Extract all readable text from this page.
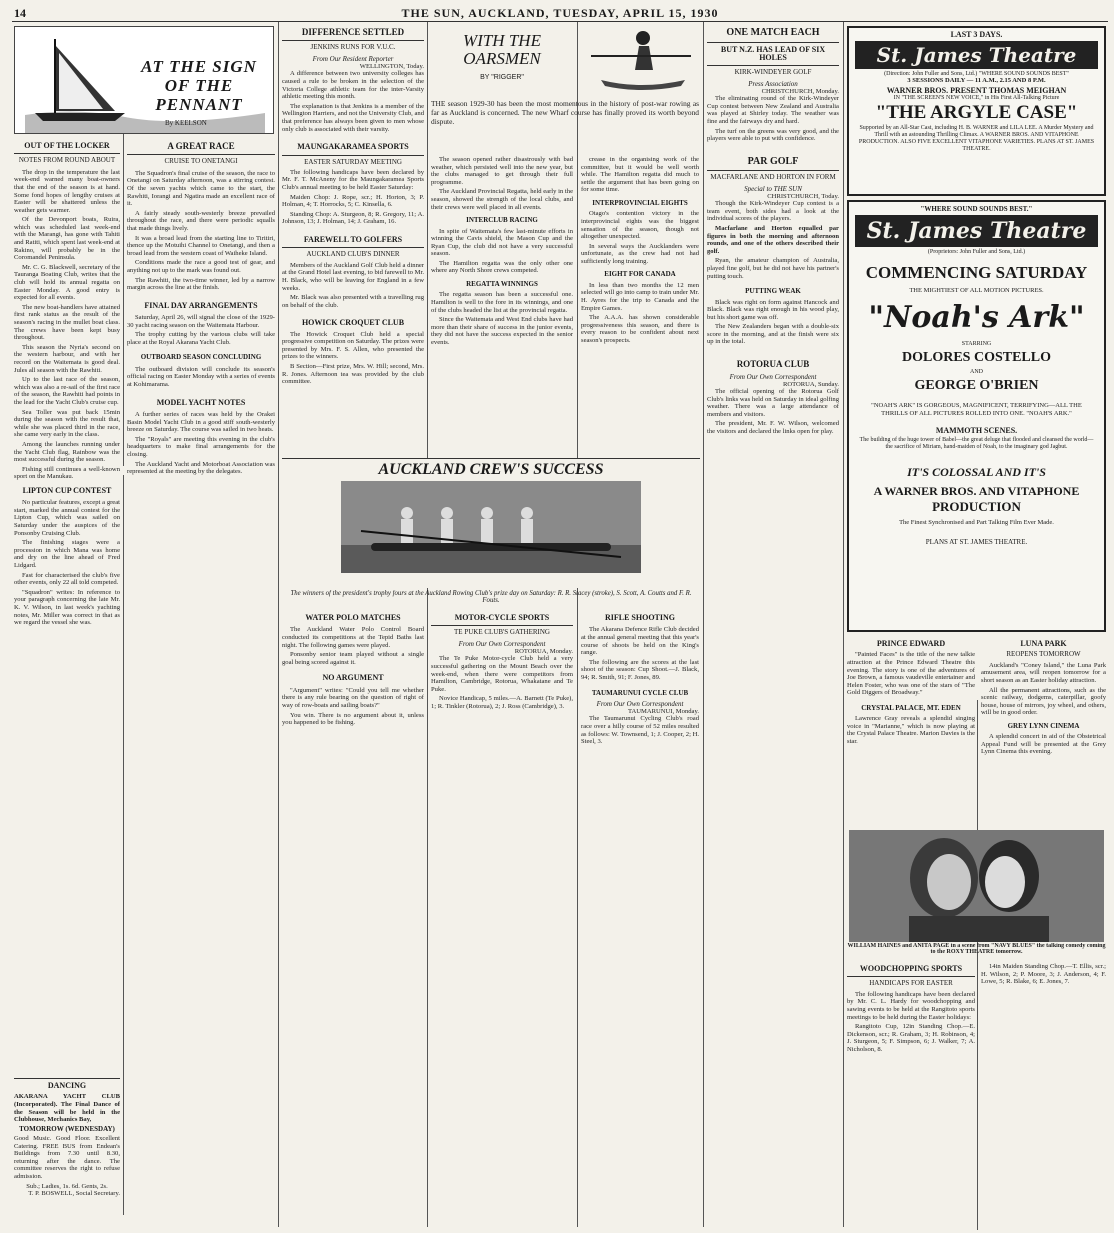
14	THE SUN, AUCKLAND, TUESDAY, APRIL 15, 1930
AT THE SIGN OF THE PENNANT
By KEELSON
OUT OF THE LOCKER
NOTES FROM ROUND ABOUT

The drop in the temperature the last week-end warned many boat-owners that the end of the season is at hand. Some fond hopes of lengthy cruises at Easter will be shattered unless the weather gets warmer.

Of the Devonport boats, Ruira, which was scheduled last week-end with the Marangi, has gone with Tahiti and Ratiti, which spent last week-end at Rakino, will probably be in the Coromandel Peninsula.

Mr. C. G. Blackwell, secretary of the Tauranga Boating Club, writes that the club will hold its annual regatta on Easter Monday. A good entry is expected for all events.

The new boat-handlers have attained first rank status as the result of the season's racing in the mullet boat class. The crews have been kept busy throughout.

This season the Nyria's second on the western harbour, and with her record on the Waitemata is good deal. Jules all season with the Rawhiti.

Up to the last race of the season, which was also a re-sail of the first race of the season, the Rawhiti had points in the lead for the Yacht Club's cruise cup.

Sea Toller was put back 15min during the season with the result that, while she was placed third in the race, she came very early in the class.

Among the launches running under the Yacht Club flag, Rainbow was the most successful during the season.

Fishing still continues a well-known sport on the Manukau.

LIPTON CUP CONTEST

No particular features, except a great start, marked the annual contest for the Lipton Cup, which was sailed on Saturday under the auspices of the Ponsonby Cruising Club.

The finishing stages were a procession in which Mana was home and dry on the line ahead of Fred Lidgard.

Fast for characterised the club's five other events, only 22 all told competed.

"Squadron" writes: In reference to your paragraph concerning the late Mr. K. V. Wilson, in last week's yachting notes, Mr. Miller was correct in that as we regard the vessel she was.

DANCING
AKARANA YACHT CLUB (Incorporated). The Final Dance of the Season will be held in the Clubhouse, Mechanics Bay,
TOMORROW (WEDNESDAY)
Good Music. Good Floor. Excellent Catering. FREE BUS from Endean's Buildings from 7.30 until 8.30, returning after the dance. The committee reserves the right to refuse admission.
Sub.; Ladies, 1s. 6d. Gents, 2s.
T. P. BOSWELL, Social Secretary.
A GREAT RACE
CRUISE TO ONETANGI

The Squadron's final cruise of the season, the race to Onetangi on Saturday afternoon, was a stirring contest. Of the seven yachts which came to the start, the Rawhiti, Iorangi and Ngatira made an excellent race of it.

A fairly steady south-westerly breeze prevailed throughout the race, and there were periodic squalls that made things lively.

It was a broad lead from the starting line to Tiritiri, thence up the Motuihi Channel to Onetangi, and then a broad lead from the western coast of Waiheke Island.

Conditions made the race a good test of gear, and anything not up to the mark was found out.

The Rawhiti, the two-time winner, led by a narrow margin across the line at the finish.

FINAL DAY ARRANGEMENTS

Saturday, April 26, will signal the close of the 1929-30 yacht racing season on the Waitemata Harbour.

The trophy cutting by the various clubs will take place at the Royal Akarana Yacht Club.

OUTBOARD SEASON CONCLUDING

The outboard division will conclude its season's official racing on Easter Monday with a series of events at Kohimarama.

MODEL YACHT NOTES

A further series of races was held by the Orakei Basin Model Yacht Club in a good stiff south-westerly breeze on Saturday. The course was sailed in two heats.

The "Royals" are meeting this evening in the club's headquarters to make final arrangements for the closing.

The Auckland Yacht and Motorboat Association was represented at the meeting by the delegates.

DIFFERENCE SETTLED
JENKINS RUNS FOR V.U.C.
From Our Resident Reporter
WELLINGTON, Today.

A difference between two university colleges has caused a rule to be broken in the selection of the Victoria College athletic team for the inter-Varsity athletic meeting this month.

The explanation is that Jenkins is a member of the Wellington Harriers, and not the University Club, and that preference has always been given to men whose only club is associated with their varsity.

MAUNGAKARAMEA SPORTS
EASTER SATURDAY MEETING

The following handicaps have been declared by Mr. F. T. McAneny for the Maungakaramea Sports Club's annual meeting to be held Easter Saturday:

Maiden Chop: J. Rope, scr.; H. Horton, 3; P. Holman, 4; T. Horrocks, 5; C. Kinsella, 6.

Standing Chop: A. Sturgeon, 8; R. Gregory, 11; A. Johnson, 13; J. Holman, 14; J. Graham, 16.

FAREWELL TO GOLFERS
AUCKLAND CLUB'S DINNER

Members of the Auckland Golf Club held a dinner at the Grand Hotel last evening, to bid farewell to Mr. H. Black, who will be leaving for England in a few weeks.

Mr. Black was also presented with a travelling rug on behalf of the club.

HOWICK CROQUET CLUB

The Howick Croquet Club held a special progressive competition on Saturday. The prizes were presented by Mrs. F. S. Allen, who presented the prizes to the winners.

B Section—First prize, Mrs. W. Hill; second, Mrs. R. Jones. Afternoon tea was provided by the club committee.

WITH THE OARSMEN
BY "RIGGER"

THE season 1929-30 has been the most momentous in the history of post-war rowing as far as Auckland is concerned. The new Wharf course has finally proved its worth beyond dispute.

The season opened rather disastrously with bad weather, which persisted well into the new year, but the clubs managed to get through their full programme.

The Auckland Provincial Regatta, held early in the season, showed the strength of the local clubs, and their crews were well placed in all events.

INTERCLUB RACING

In spite of Waitemata's few last-minute efforts in winning the Cavis shield, the Mason Cup and the Ryan Cup, the club did not have a very successful season.

The Hamilton regatta was the only other one where any North Shore crews competed.

REGATTA WINNINGS

The regatta season has been a successful one. Hamilton is well to the fore in its winnings, and one of the clubs headed the list at the provincial regatta.

Since the Waitemata and West End clubs have had more than their share of success in the junior events, they did not have the success expected in the senior events.

crease in the organising work of the committee, but it would be well worth while. The Hamilton regatta did much to settle the argument that has been going on for some time.

INTERPROVINCIAL EIGHTS

Otago's contention victory in the interprovincial eights was the biggest sensation of the season, though not altogether unexpected.

In several ways the Aucklanders were unfortunate, as the crew had not had sufficiently long training.

EIGHT FOR CANADA

In less than two months the 12 men selected will go into camp to train under Mr. H. Ayres for the trip to Canada and the Empire Games.

The A.A.A. has shown considerable progressiveness this season, and there is every reason to be confident about next season's prospects.

AUCKLAND CREW'S SUCCESS
The winners of the president's trophy fours at the Auckland Rowing Club's prize day on Saturday: R. R. Stacey (stroke), S. Scott, A. Coutts and F. R. Fouts.
WATER POLO MATCHES

The Auckland Water Polo Control Board conducted its competitions at the Tepid Baths last night. The following games were played.

Ponsonby senior team played without a single goal being scored against it.

NO ARGUMENT

"Argument" writes: "Could you tell me whether there is any rule bearing on the question of right of way of row-boats and sailing boats?"

You win. There is no argument about it, unless you happened to be fishing.

MOTOR-CYCLE SPORTS
TE PUKE CLUB'S GATHERING
From Our Own Correspondent
ROTORUA, Monday.

The Te Puke Motor-cycle Club held a very successful gathering on the Mount Beach over the week-end, when there were competitors from Hamilton, Cambridge, Rotorua, Whakatane and Te Puke.

Novice Handicap, 5 miles.—A. Barnett (Te Puke), 1; R. Tinkler (Rotorua), 2; J. Ross (Cambridge), 3.

RIFLE SHOOTING

The Akarana Defence Rifle Club decided at the annual general meeting that this year's course of shoots be held on the King's range.

The following are the scores at the last shoot of the season: Cup Shoot.—J. Black, 94; R. Smith, 91; F. Jones, 89.

TAUMARUNUI CYCLE CLUB
From Our Own Correspondent
TAUMARUNUI, Monday.

The Taumarunui Cycling Club's road race over a hilly course of 52 miles resulted as follows: W. Townsend, 1; J. Cooper, 2; H. Steel, 3.

ONE MATCH EACH
BUT N.Z. HAS LEAD OF SIX HOLES
KIRK-WINDEYER GOLF
Press Association
CHRISTCHURCH, Monday.

The eliminating round of the Kirk-Windeyer Cup contest between New Zealand and Australia was played at Shirley today. The weather was fine and the fairways dry and hard.

The turf on the greens was very good, and the players were able to put with confidence.

PAR GOLF
MACFARLANE AND HORTON IN FORM
Special to THE SUN
CHRISTCHURCH, Today.

Though the Kirk-Windeyer Cup contest is a team event, both sides had a look at the individual scores of the players.

Macfarlane and Horton equalled par figures in both the morning and afternoon rounds, and one of the others described their golf.

Ryan, the amateur champion of Australia, played fine golf, but he did not have his partner's putting touch.

PUTTING WEAK

Black was right on form against Hancock and Black. Black was right enough in his wood play, but his short game was off.

The New Zealanders began with a double-six score in the morning, and at the finish were six up in the total.

ROTORUA CLUB
From Our Own Correspondent
ROTORUA, Sunday.

The official opening of the Rotorua Golf Club's links was held on Saturday in ideal golfing weather. There was a large attendance of members and visitors.

The president, Mr. F. W. Wilson, welcomed the visitors and declared the links open for play.

LAST 3 DAYS.
St. James Theatre
(Direction: John Fuller and Sons, Ltd.) "WHERE SOUND SOUNDS BEST"
3 SESSIONS DAILY — 11 A.M., 2.15 AND 8 P.M.
WARNER BROS. PRESENT THOMAS MEIGHAN
IN "THE SCREEN'S NEW VOICE," in His First All-Talking Picture
"THE ARGYLE CASE"
Supported by an All-Star Cast, including H. B. WARNER and LILA LEE. A Murder Mystery and Thrill with an astounding Thrilling Climax. A WARNER BROS. AND VITAPHONE PRODUCTION. ALSO FIVE EXCELLENT VITAPHONE VARIETIES. PLANS AT ST. JAMES THEATRE.
"WHERE SOUND SOUNDS BEST."
St. James Theatre
(Proprietors: John Fuller and Sons, Ltd.)
COMMENCING SATURDAY
THE MIGHTIEST OF ALL MOTION PICTURES.
"Noah's Ark"
STARRING
DOLORES COSTELLO
AND
GEORGE O'BRIEN
"NOAH'S ARK" IS GORGEOUS, MAGNIFICENT, TERRIFYING—ALL THE THRILLS OF ALL PICTURES ROLLED INTO ONE. "NOAH'S ARK."
MAMMOTH SCENES.
The building of the huge tower of Babel—the great deluge that flooded and cleansed the world—the sacrifice of Miriam, hand-maiden of Noah, to the imaginary god Jagbut.
IT'S COLOSSAL AND IT'S
A WARNER BROS. AND VITAPHONE
PRODUCTION
The Finest Synchronised and Part Talking Film Ever Made.
PLANS AT ST. JAMES THEATRE.
PRINCE EDWARD

"Painted Faces" is the title of the new talkie attraction at the Prince Edward Theatre this evening. The story is one of the adventures of Joe Brown, a famous vaudeville entertainer and Helen Foster, who was one of the stars of "The Gold Diggers of Broadway."

CRYSTAL PALACE, MT. EDEN

Lawrence Gray reveals a splendid singing voice in "Marianne," which is now playing at the Crystal Palace Theatre. Marion Davies is the star.

LUNA PARK
REOPENS TOMORROW

Auckland's "Coney Island," the Luna Park amusement area, will reopen tomorrow for a short season as an Easter holiday attraction.

All the permanent attractions, such as the scenic railway, dodgems, caterpillar, goofy house, house of mirrors, joy wheel, and others, will be in good order.

GREY LYNN CINEMA

A splendid concert in aid of the Obstetrical Appeal Fund will be presented at the Grey Lynn Cinema this evening.

WILLIAM HAINES and ANITA PAGE in a scene from "NAVY BLUES" the talking comedy coming to the ROXY THEATRE tomorrow.
WOODCHOPPING SPORTS
HANDICAPS FOR EASTER

The following handicaps have been declared by Mr. C. L. Hardy for woodchopping and sawing events to be held at the Rangitoto sports meetings to be held during the Easter holidays:

Rangitoto Cup, 12in Standing Chop.—E. Dickenson, scr.; R. Graham, 3; H. Robinson, 4; J. Sturgeon, 5; F. Simpson, 6; J. Walker, 7; A. Nicholson, 8.

14in Maiden Standing Chop.—T. Ellis, scr.; H. Wilson, 2; P. Moore, 3; J. Anderson, 4; F. Lowe, 5; R. Blake, 6; E. Jones, 7.
